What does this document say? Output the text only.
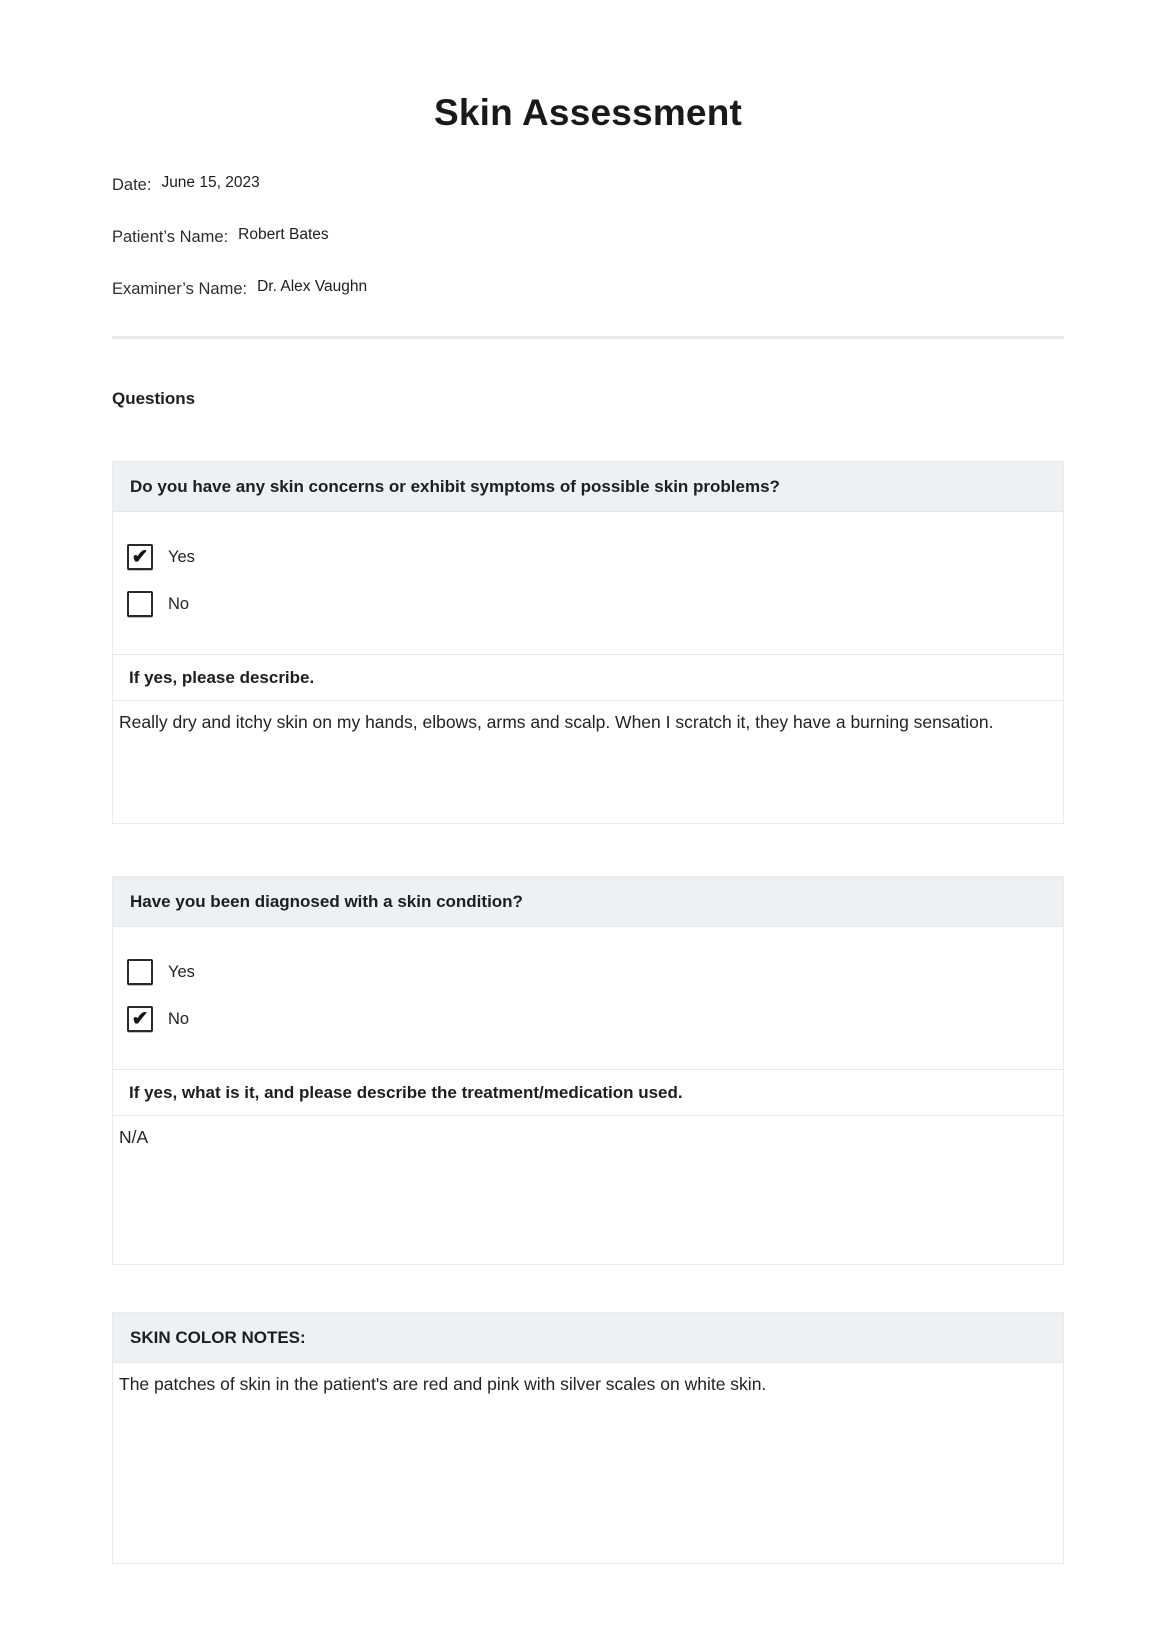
Skin Assessment
Date: June 15, 2023
Patient’s Name: Robert Bates
Examiner’s Name: Dr. Alex Vaughn
Questions
Do you have any skin concerns or exhibit symptoms of possible skin problems?
✔ Yes
No
If yes, please describe.
Really dry and itchy skin on my hands, elbows, arms and scalp. When I scratch it, they have a burning sensation.
Have you been diagnosed with a skin condition?
Yes
✔ No
If yes, what is it, and please describe the treatment/medication used.
N/A
SKIN COLOR NOTES:
The patches of skin in the patient's are red and pink with silver scales on white skin.
